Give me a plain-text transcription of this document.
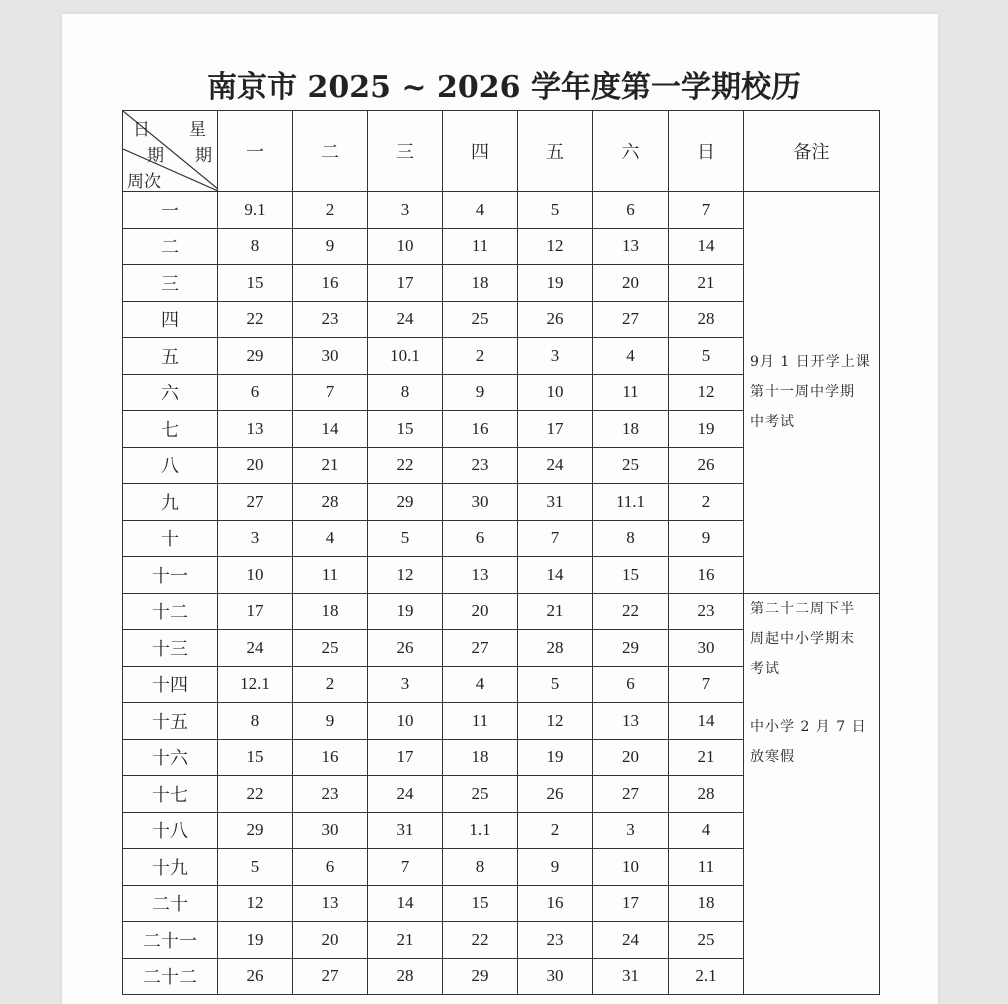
南京市 2025 ~ 2026 学年度第一学期校历
日 星
期 期
周次	一	二	三	四	五	六	日	备注
一	9.1	2	3	4	5	6	7	9月 1 日开学上课

第十一周中学期

中考试

二	8	9	10	11	12	13	14	
三	15	16	17	18	19	20	21	
四	22	23	24	25	26	27	28	
五	29	30	10.1	2	3	4	5	
六	6	7	8	9	10	11	12	
七	13	14	15	16	17	18	19	
八	20	21	22	23	24	25	26	
九	27	28	29	30	31	11.1	2	
十	3	4	5	6	7	8	9	
十一	10	11	12	13	14	15	16	
十二	17	18	19	20	21	22	23	第二十二周下半

周起中小学期末

考试

中小学 2 月 7 日

放寒假

十三	24	25	26	27	28	29	30	
十四	12.1	2	3	4	5	6	7	
十五	8	9	10	11	12	13	14	
十六	15	16	17	18	19	20	21	
十七	22	23	24	25	26	27	28	
十八	29	30	31	1.1	2	3	4	
十九	5	6	7	8	9	10	11	
二十	12	13	14	15	16	17	18	
二十一	19	20	21	22	23	24	25	
二十二	26	27	28	29	30	31	2.1	
